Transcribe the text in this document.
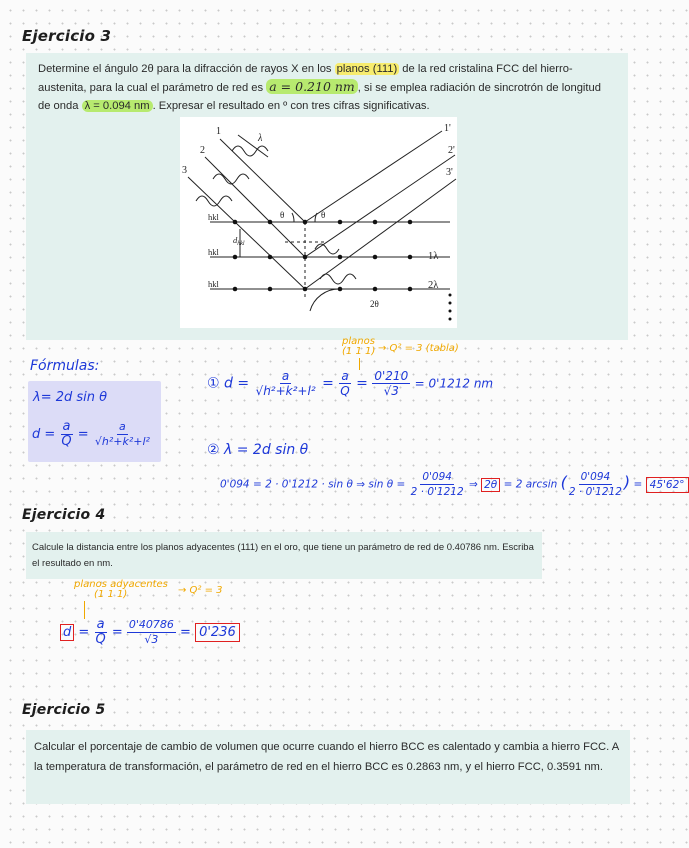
Ejercicio 3
Determine el ángulo 2θ para la difracción de rayos X en los planos (111) de la red cristalina FCC del hierro-
austenita, para la cual el parámetro de red es a = 0.210 nm , si se emplea radiación de sincrotrón de longitud
de onda λ = 0.094 nm . Expresar el resultado en º con tres cifras significativas.
1
2
3
1'
2'
3'
λ
θ	θ
hkl
hkl
hkl
$d_{hkl}$
1λ
2λ
2θ
Fórmulas:
λ= 2d sin θ
$d = \frac{a}{Q} = \frac{a}{\text{√h²+k²+l²}}$
planos
(1 1 1) → Q² = 3 (tabla)
① $d = \frac{a}{\text{√h²+k²+l²}} = \frac{a}{Q} = \frac{0'210}{√3} = 0'1212$ nm
② λ = 2d sin θ
0'094 = 2 · 0'1212 · sin θ ⇒ $\sin \theta = \frac{0'094}{2 \cdot 0'1212}$ ⇒ 2θ = 2 arcsin ( $\frac{0'094}{2 \cdot 0'1212}$ ) = 45'62°
Ejercicio 4
Calcule la distancia entre los planos adyacentes (111) en el oro, que tiene un parámetro de red de 0.40786 nm. Escriba el resultado en nm.
planos adyacentes
(1 1 1)	→ Q² = 3
$d = \frac{a}{Q} = \frac{0'40786}{√3} = 0'236$
Ejercicio 5
Calcular el porcentaje de cambio de volumen que ocurre cuando el hierro BCC es calentado y cambia a hierro FCC. A la temperatura de transformación, el parámetro de red en el hierro BCC es 0.2863 nm, y el hierro FCC, 0.3591 nm.
